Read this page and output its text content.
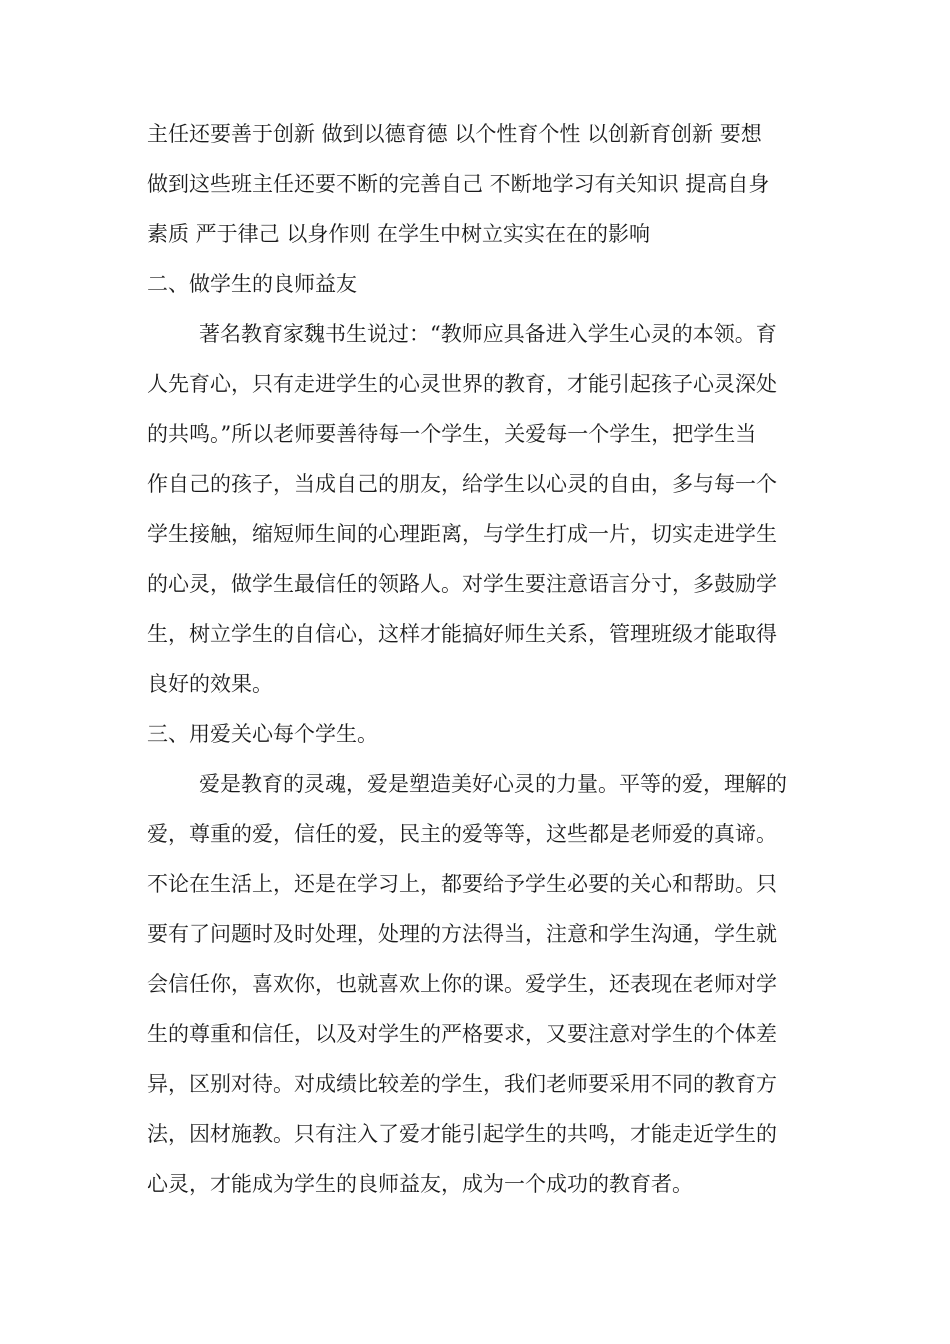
主任还要善于创新 做到以德育德 以个性育个性 以创新育创新 要想

做到这些班主任还要不断的完善自己 不断地学习有关知识 提高自身

素质 严于律己 以身作则 在学生中树立实实在在的影响

二、做学生的良师益友

著名教育家魏书生说过：“教师应具备进入学生心灵的本领。育

人先育心，只有走进学生的心灵世界的教育，才能引起孩子心灵深处

的共鸣。”所以老师要善待每一个学生，关爱每一个学生，把学生当

作自己的孩子，当成自己的朋友，给学生以心灵的自由，多与每一个

学生接触，缩短师生间的心理距离，与学生打成一片，切实走进学生

的心灵，做学生最信任的领路人。对学生要注意语言分寸，多鼓励学

生，树立学生的自信心，这样才能搞好师生关系，管理班级才能取得

良好的效果。

三、用爱关心每个学生。

爱是教育的灵魂，爱是塑造美好心灵的力量。平等的爱，理解的

爱，尊重的爱，信任的爱，民主的爱等等，这些都是老师爱的真谛。

不论在生活上，还是在学习上，都要给予学生必要的关心和帮助。只

要有了问题时及时处理，处理的方法得当，注意和学生沟通，学生就

会信任你，喜欢你，也就喜欢上你的课。爱学生，还表现在老师对学

生的尊重和信任，以及对学生的严格要求，又要注意对学生的个体差

异，区别对待。对成绩比较差的学生，我们老师要采用不同的教育方

法，因材施教。只有注入了爱才能引起学生的共鸣，才能走近学生的

心灵，才能成为学生的良师益友，成为一个成功的教育者。
